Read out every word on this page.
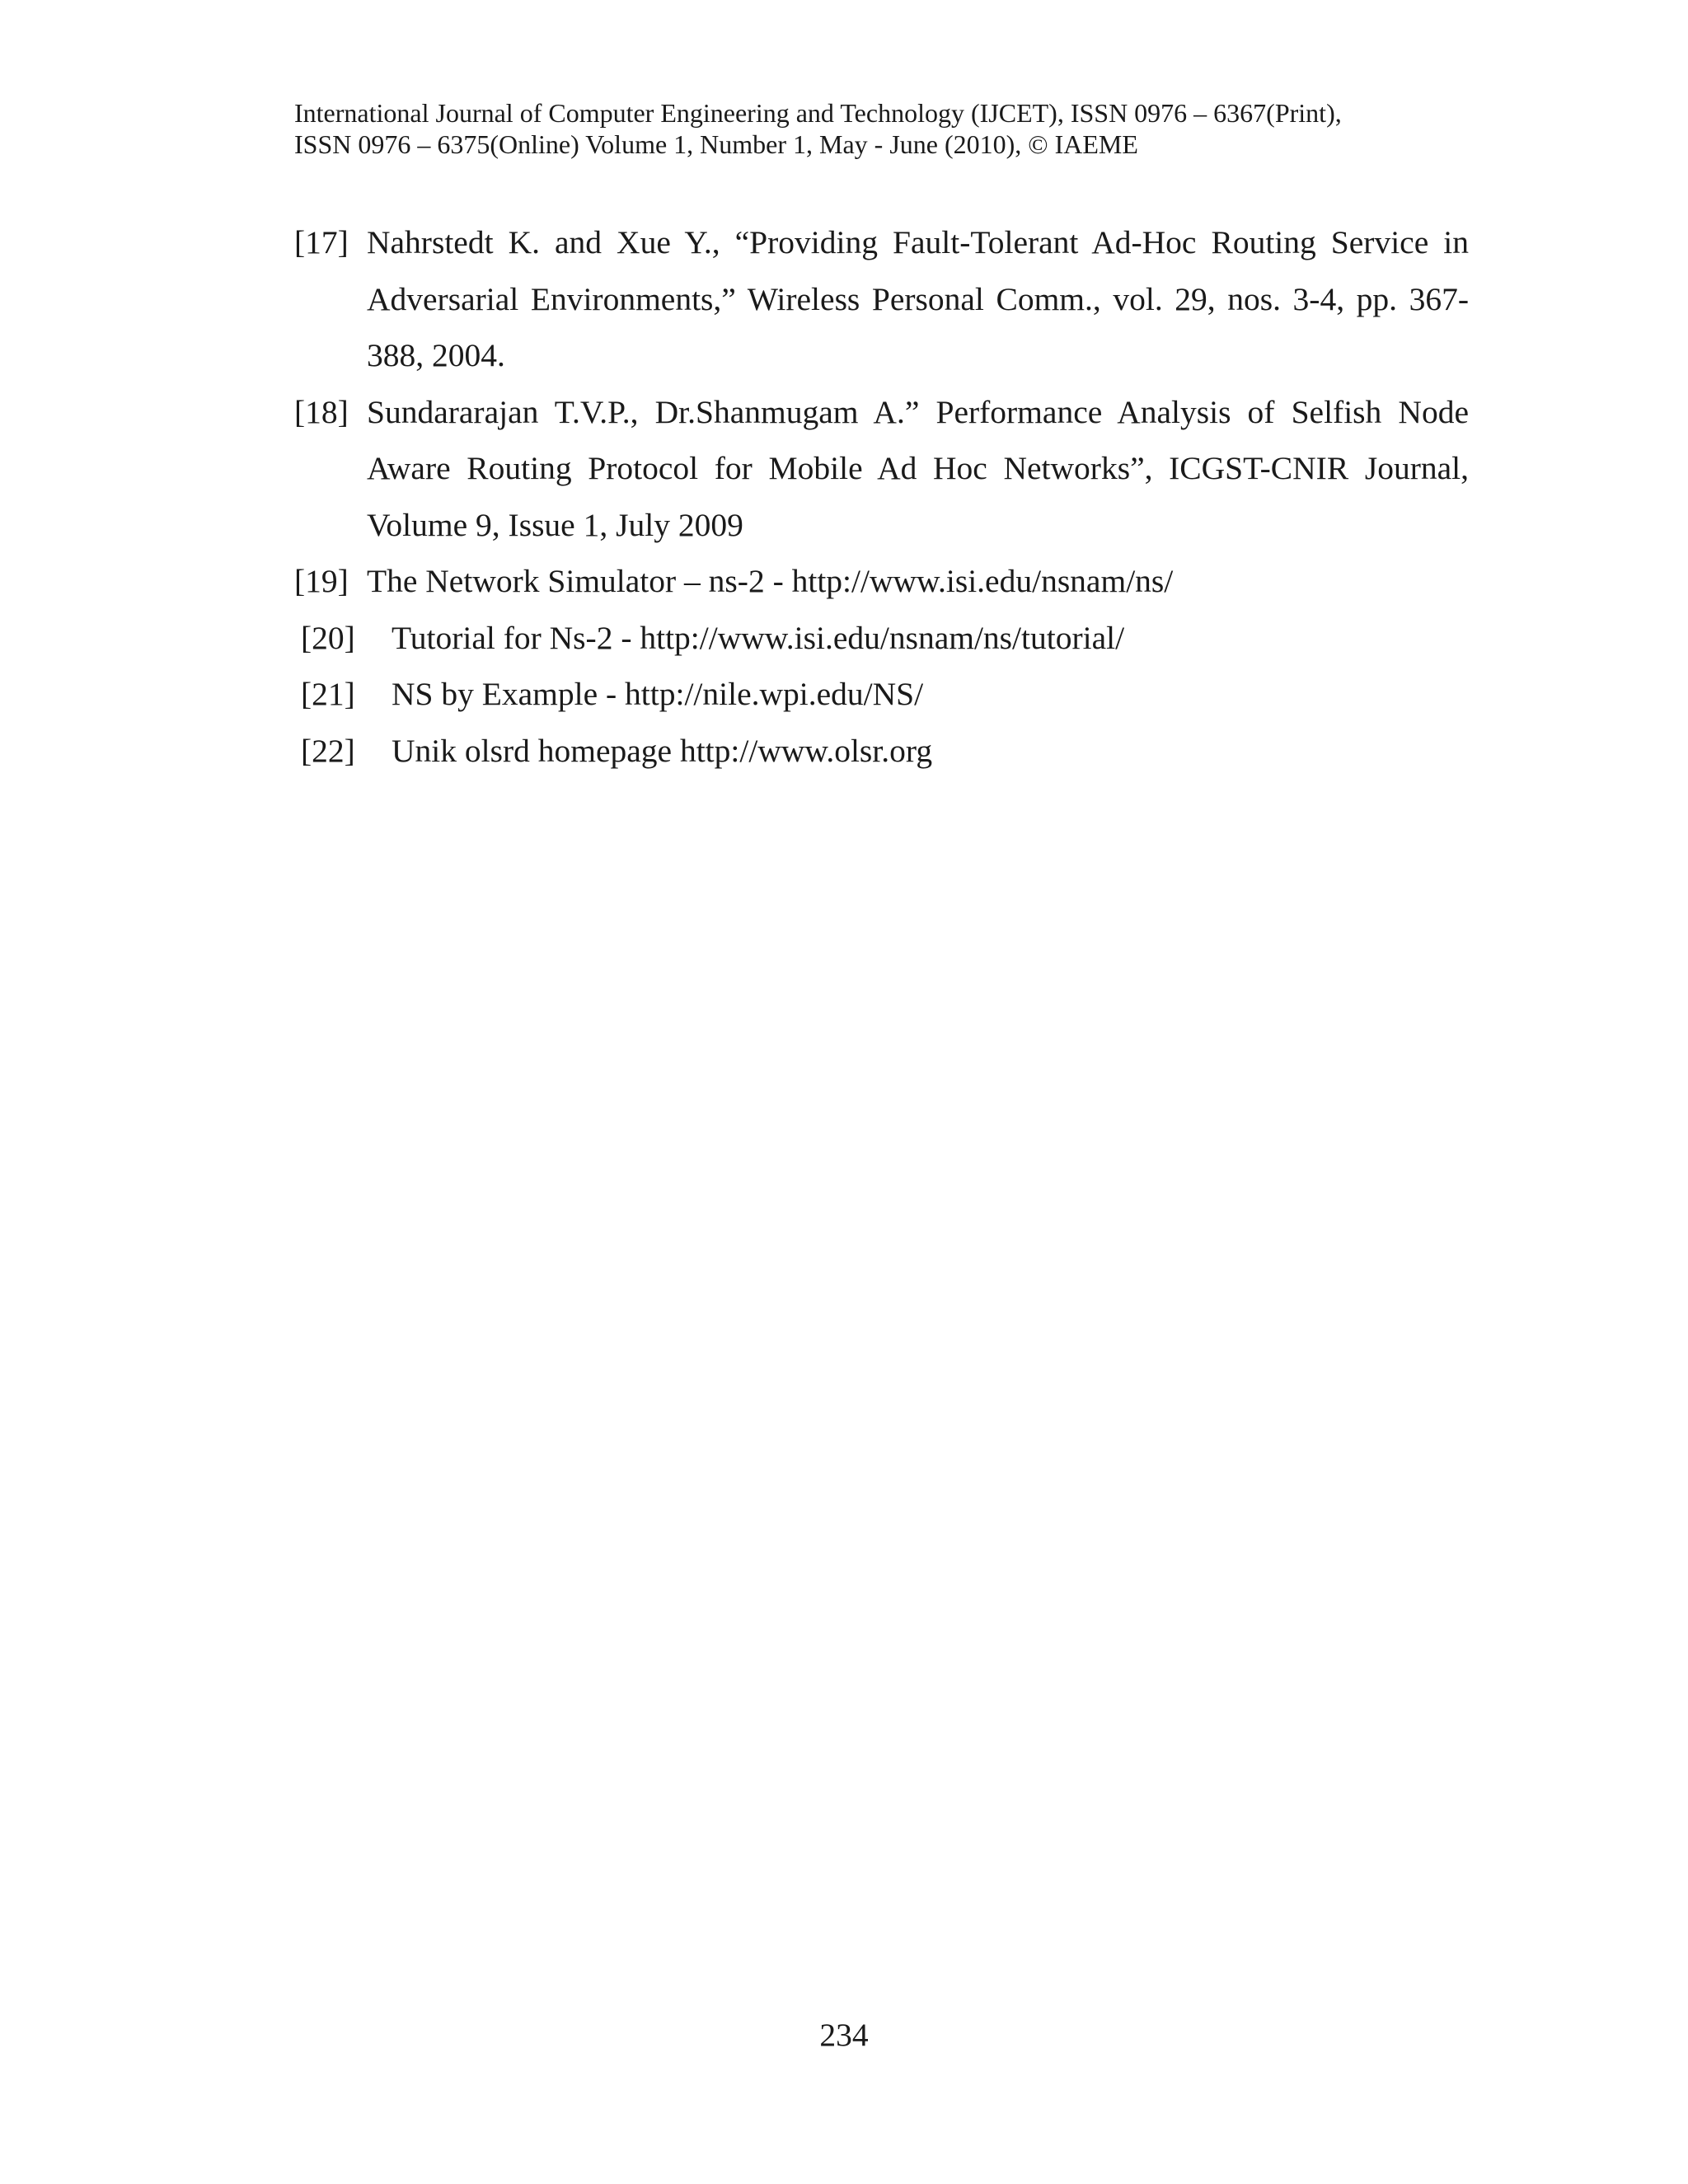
International Journal of Computer Engineering and Technology (IJCET), ISSN 0976 – 6367(Print),
ISSN 0976 – 6375(Online) Volume 1, Number 1, May - June (2010), © IAEME
[17] Nahrstedt K. and Xue Y., “Providing Fault-Tolerant Ad-Hoc Routing Service in Adversarial Environments,” Wireless Personal Comm., vol. 29, nos. 3-4, pp. 367-388, 2004.
[18] Sundararajan T.V.P., Dr.Shanmugam A.” Performance Analysis of Selfish Node Aware Routing Protocol for Mobile Ad Hoc Networks”, ICGST-CNIR Journal, Volume 9, Issue 1, July 2009
[19] The Network Simulator – ns-2 - http://www.isi.edu/nsnam/ns/
[20] Tutorial for Ns-2 - http://www.isi.edu/nsnam/ns/tutorial/
[21] NS by Example - http://nile.wpi.edu/NS/
[22] Unik olsrd homepage http://www.olsr.org
234
